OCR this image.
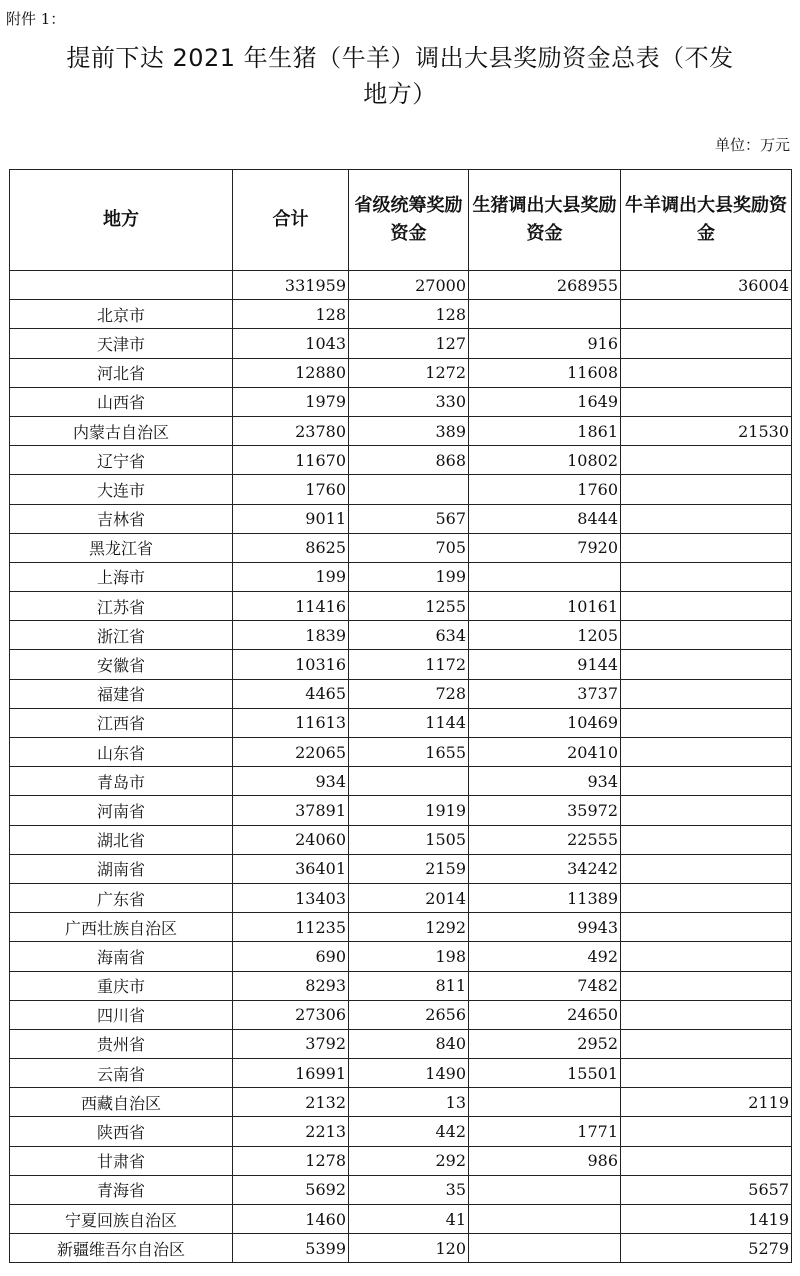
附件 1：
提前下达 2021 年生猪（牛羊）调出大县奖励资金总表（不发
地方）
单位：万元
地方	合计	省级统筹奖励资金	生猪调出大县奖励资金	牛羊调出大县奖励资金
	331959	27000	268955	36004
北京市	128	128		
天津市	1043	127	916	
河北省	12880	1272	11608	
山西省	1979	330	1649	
内蒙古自治区	23780	389	1861	21530
辽宁省	11670	868	10802	
大连市	1760		1760	
吉林省	9011	567	8444	
黑龙江省	8625	705	7920	
上海市	199	199		
江苏省	11416	1255	10161	
浙江省	1839	634	1205	
安徽省	10316	1172	9144	
福建省	4465	728	3737	
江西省	11613	1144	10469	
山东省	22065	1655	20410	
青岛市	934		934	
河南省	37891	1919	35972	
湖北省	24060	1505	22555	
湖南省	36401	2159	34242	
广东省	13403	2014	11389	
广西壮族自治区	11235	1292	9943	
海南省	690	198	492	
重庆市	8293	811	7482	
四川省	27306	2656	24650	
贵州省	3792	840	2952	
云南省	16991	1490	15501	
西藏自治区	2132	13		2119
陕西省	2213	442	1771	
甘肃省	1278	292	986	
青海省	5692	35		5657
宁夏回族自治区	1460	41		1419
新疆维吾尔自治区	5399	120		5279
